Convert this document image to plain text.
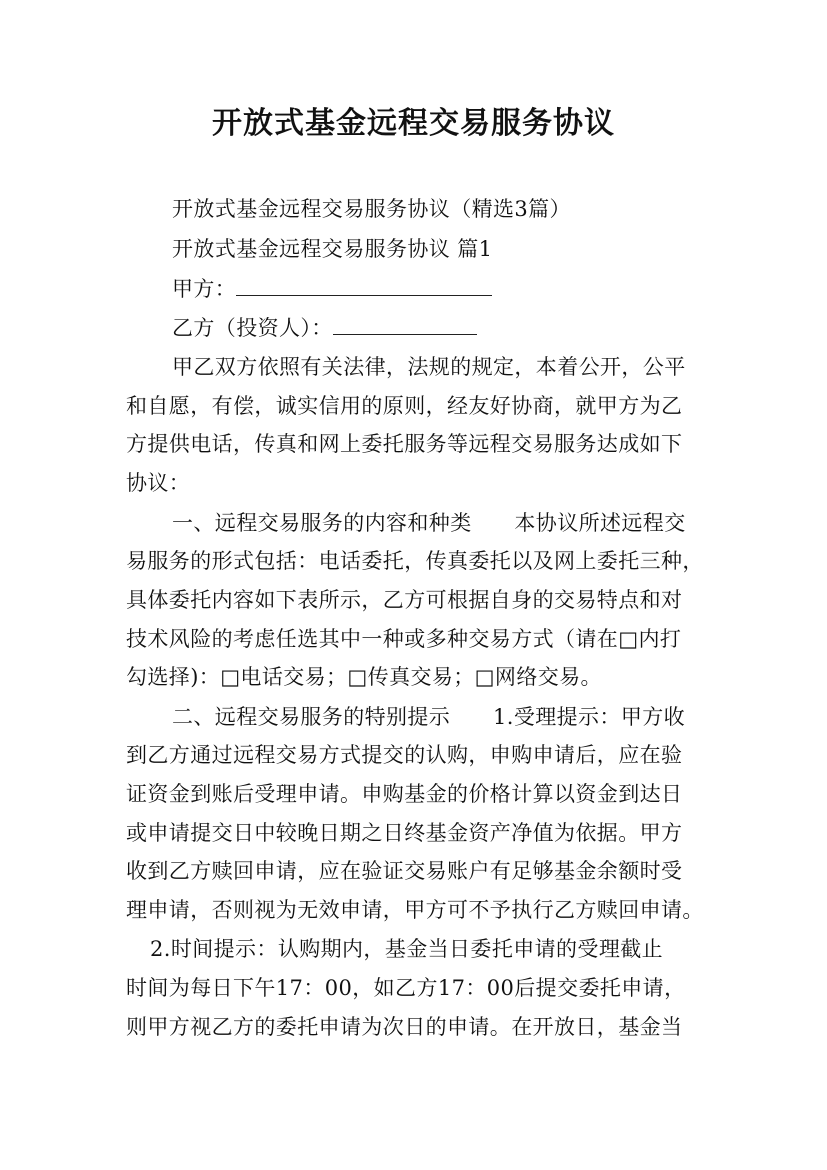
开放式基金远程交易服务协议
开放式基金远程交易服务协议（精选3篇）
开放式基金远程交易服务协议 篇1
甲方：
乙方（投资人）：
甲乙双方依照有关法律，法规的规定，本着公开，公平
和自愿，有偿，诚实信用的原则，经友好协商，就甲方为乙
方提供电话，传真和网上委托服务等远程交易服务达成如下
协议：
一、远程交易服务的内容和种类　　本协议所述远程交
易服务的形式包括：电话委托，传真委托以及网上委托三种，
具体委托内容如下表所示，乙方可根据自身的交易特点和对
技术风险的考虑任选其中一种或多种交易方式（请在□内打
勾选择)：□电话交易；□传真交易；□网络交易。
二、远程交易服务的特别提示　　1.受理提示：甲方收
到乙方通过远程交易方式提交的认购，申购申请后，应在验
证资金到账后受理申请。申购基金的价格计算以资金到达日
或申请提交日中较晚日期之日终基金资产净值为依据。甲方
收到乙方赎回申请，应在验证交易账户有足够基金余额时受
理申请，否则视为无效申请，甲方可不予执行乙方赎回申请。
2.时间提示：认购期内，基金当日委托申请的受理截止
时间为每日下午17：00，如乙方17：00后提交委托申请，
则甲方视乙方的委托申请为次日的申请。在开放日，基金当
